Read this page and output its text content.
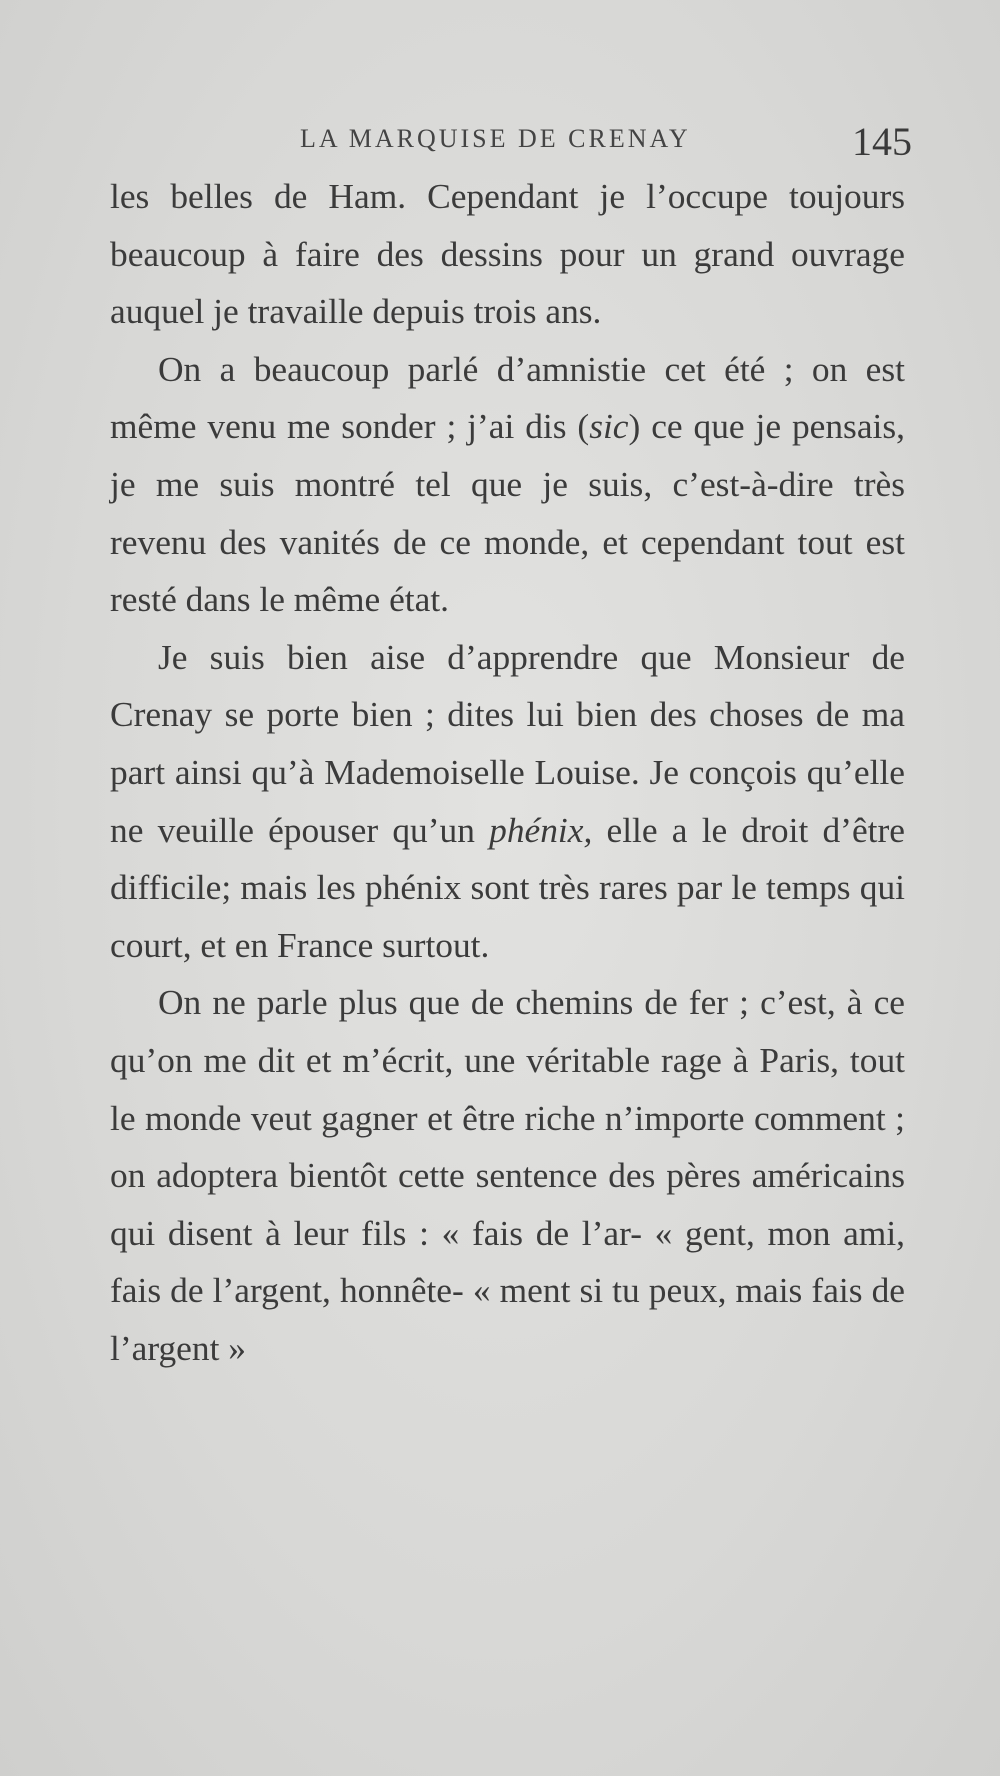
LA MARQUISE DE CRENAY	145

les belles de Ham. Cependant je l’occupe toujours beaucoup à faire des dessins pour un grand ouvrage auquel je travaille depuis trois ans.

On a beaucoup parlé d’amnistie cet été ; on est même venu me sonder ; j’ai dis (sic) ce que je pensais, je me suis montré tel que je suis, c’est-à-dire très revenu des vanités de ce monde, et cependant tout est resté dans le même état.

Je suis bien aise d’apprendre que Monsieur de Crenay se porte bien ; dites lui bien des choses de ma part ainsi qu’à Mademoiselle Louise. Je conçois qu’elle ne veuille épouser qu’un phénix, elle a le droit d’être difficile; mais les phénix sont très rares par le temps qui court, et en France surtout.

On ne parle plus que de chemins de fer ; c’est, à ce qu’on me dit et m’écrit, une véritable rage à Paris, tout le monde veut gagner et être riche n’importe comment ; on adoptera bientôt cette sentence des pères américains qui disent à leur fils : « fais de l’ar- « gent, mon ami, fais de l’argent, honnête- « ment si tu peux, mais fais de l’argent »
